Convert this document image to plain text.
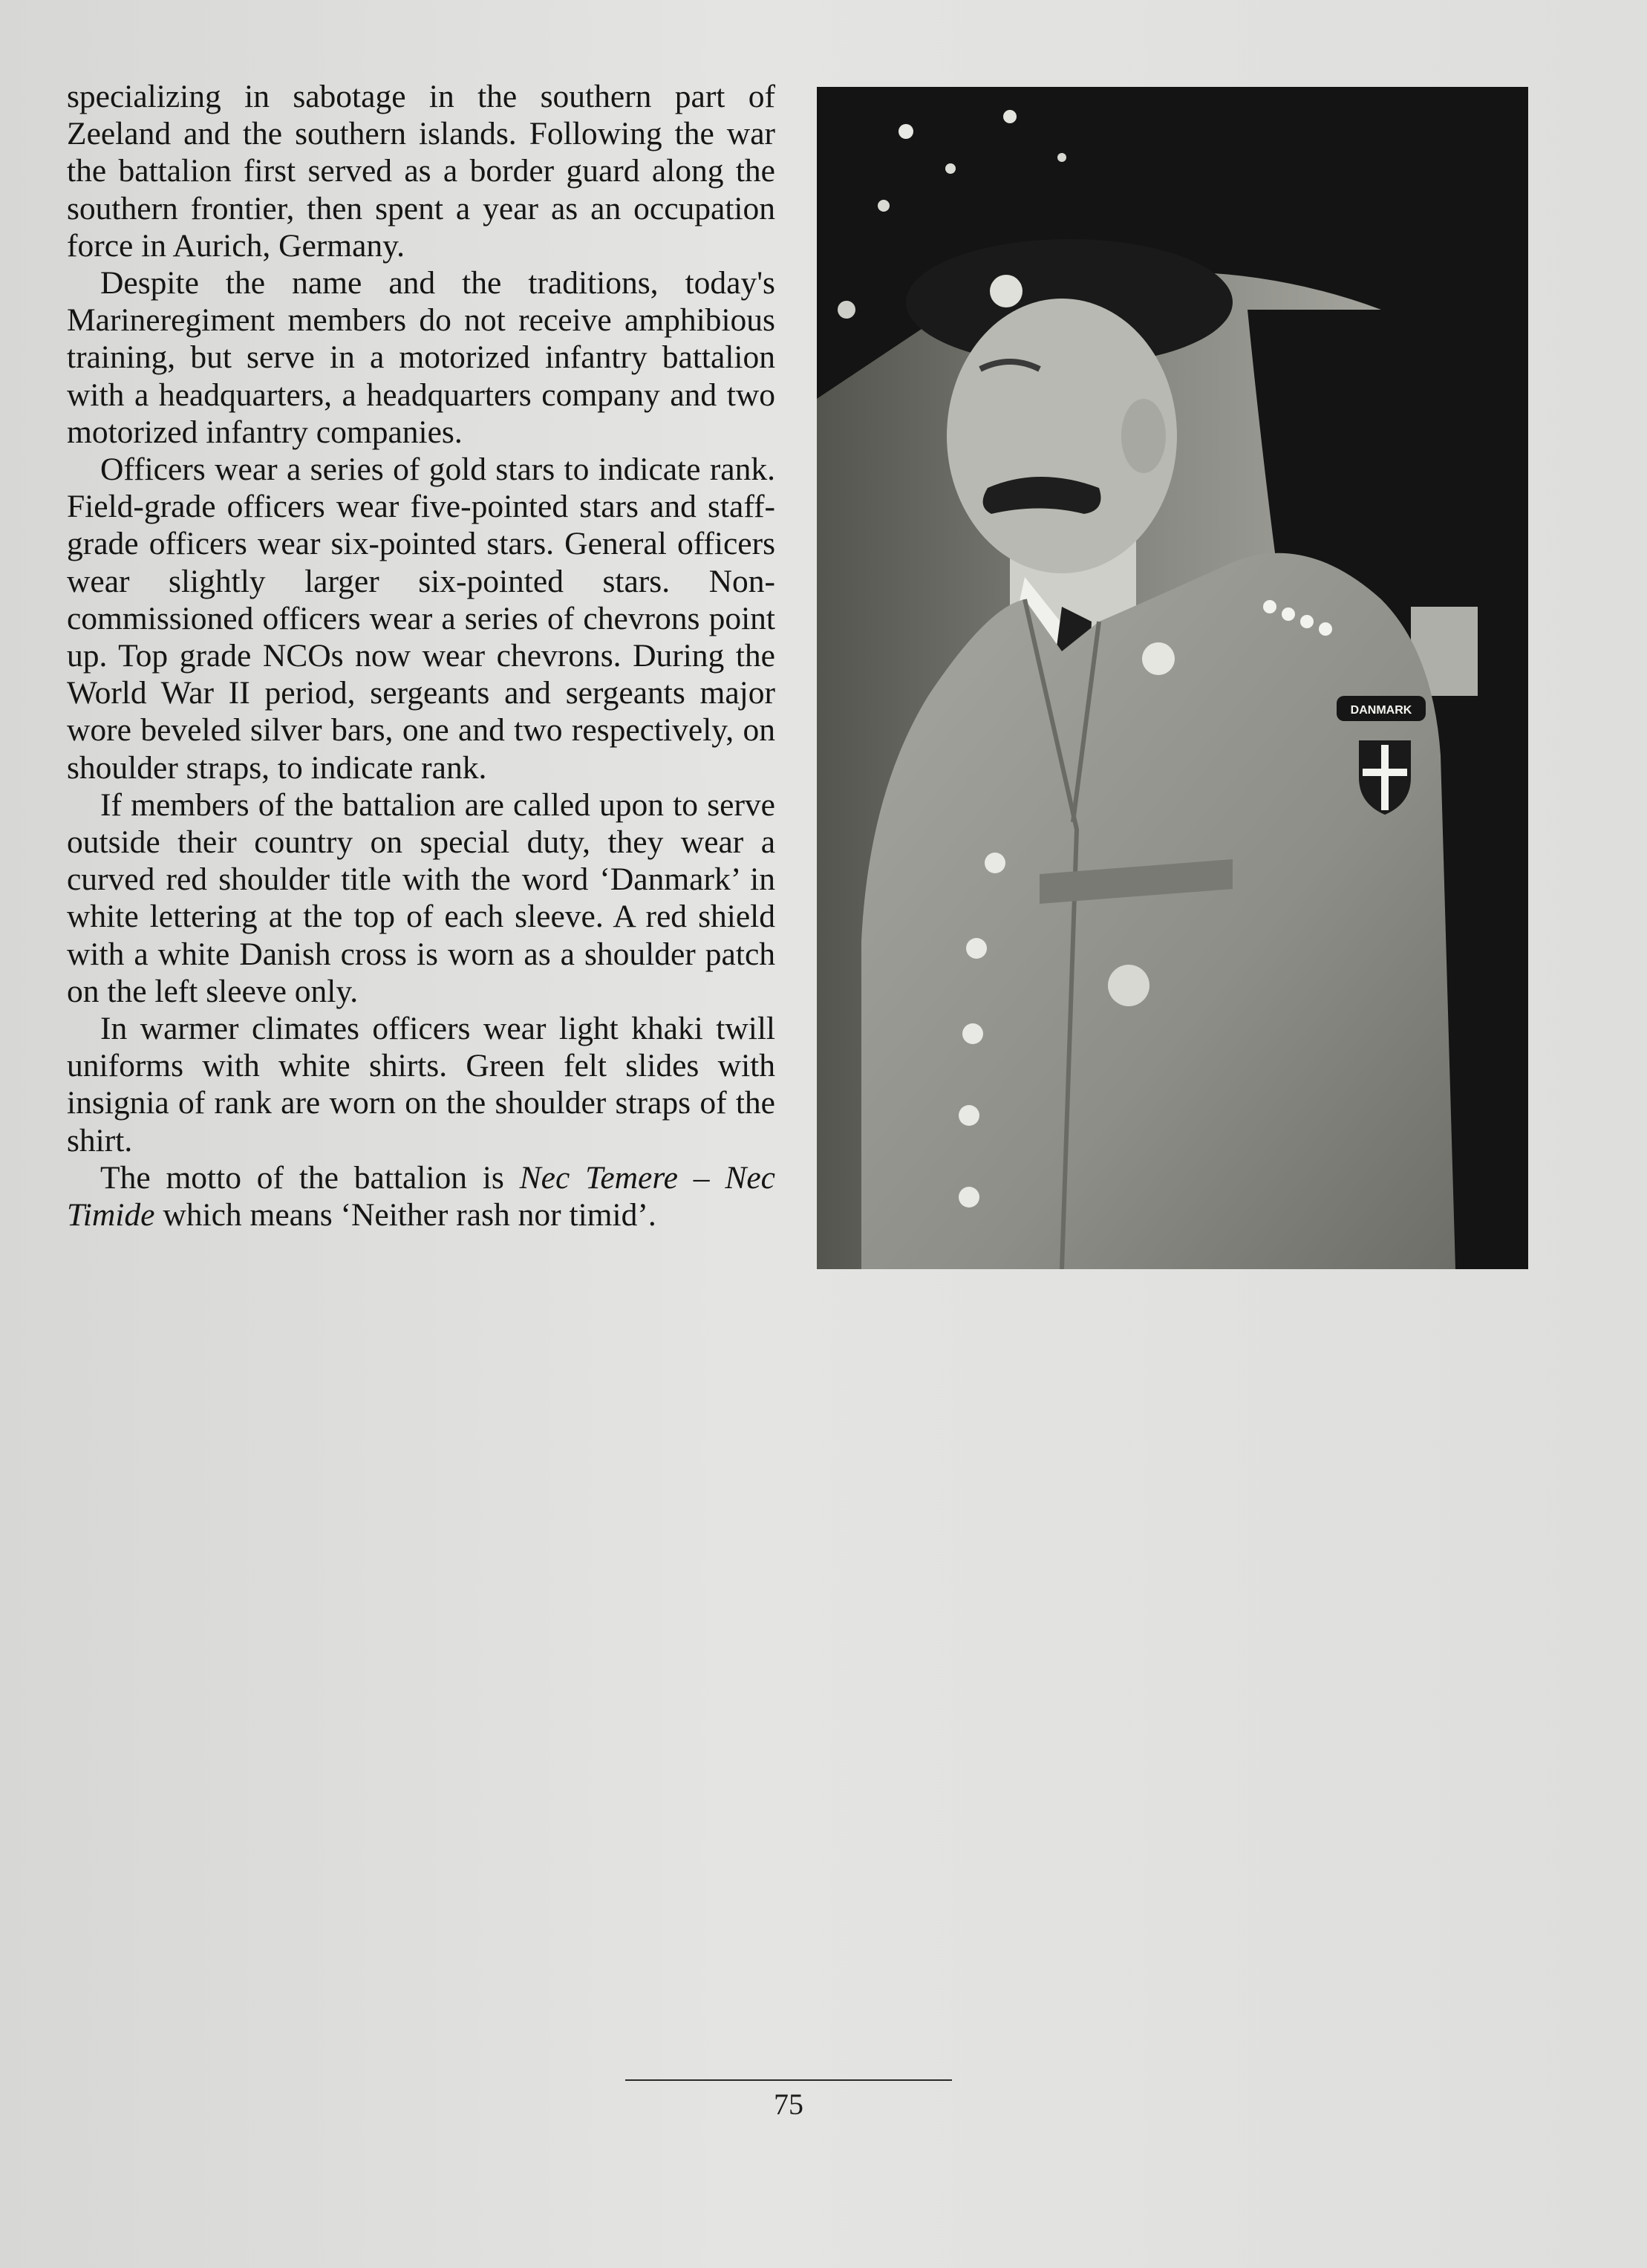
specializing in sabotage in the southern part of Zeeland and the southern islands. Following the war the battalion first served as a border guard along the southern frontier, then spent a year as an occupation force in Aurich, Germany.

Despite the name and the traditions, today's Marineregiment members do not receive amphibious training, but serve in a motorized infantry battalion with a headquarters, a headquarters company and two motorized infantry companies.

Officers wear a series of gold stars to indicate rank. Field-grade officers wear five-pointed stars and staff-grade officers wear six-pointed stars. General officers wear slightly larger six-pointed stars. Non-commissioned officers wear a series of chevrons point up. Top grade NCOs now wear chevrons. During the World War II period, sergeants and sergeants major wore beveled silver bars, one and two respectively, on shoulder straps, to indicate rank.

If members of the battalion are called upon to serve outside their country on special duty, they wear a curved red shoulder title with the word ‘Danmark’ in white lettering at the top of each sleeve. A red shield with a white Danish cross is worn as a shoulder patch on the left sleeve only.

In warmer climates officers wear light khaki twill uniforms with white shirts. Green felt slides with insignia of rank are worn on the shoulder straps of the shirt.

The motto of the battalion is Nec Temere – Nec Timide which means ‘Neither rash nor timid’.

DANMARK
75
